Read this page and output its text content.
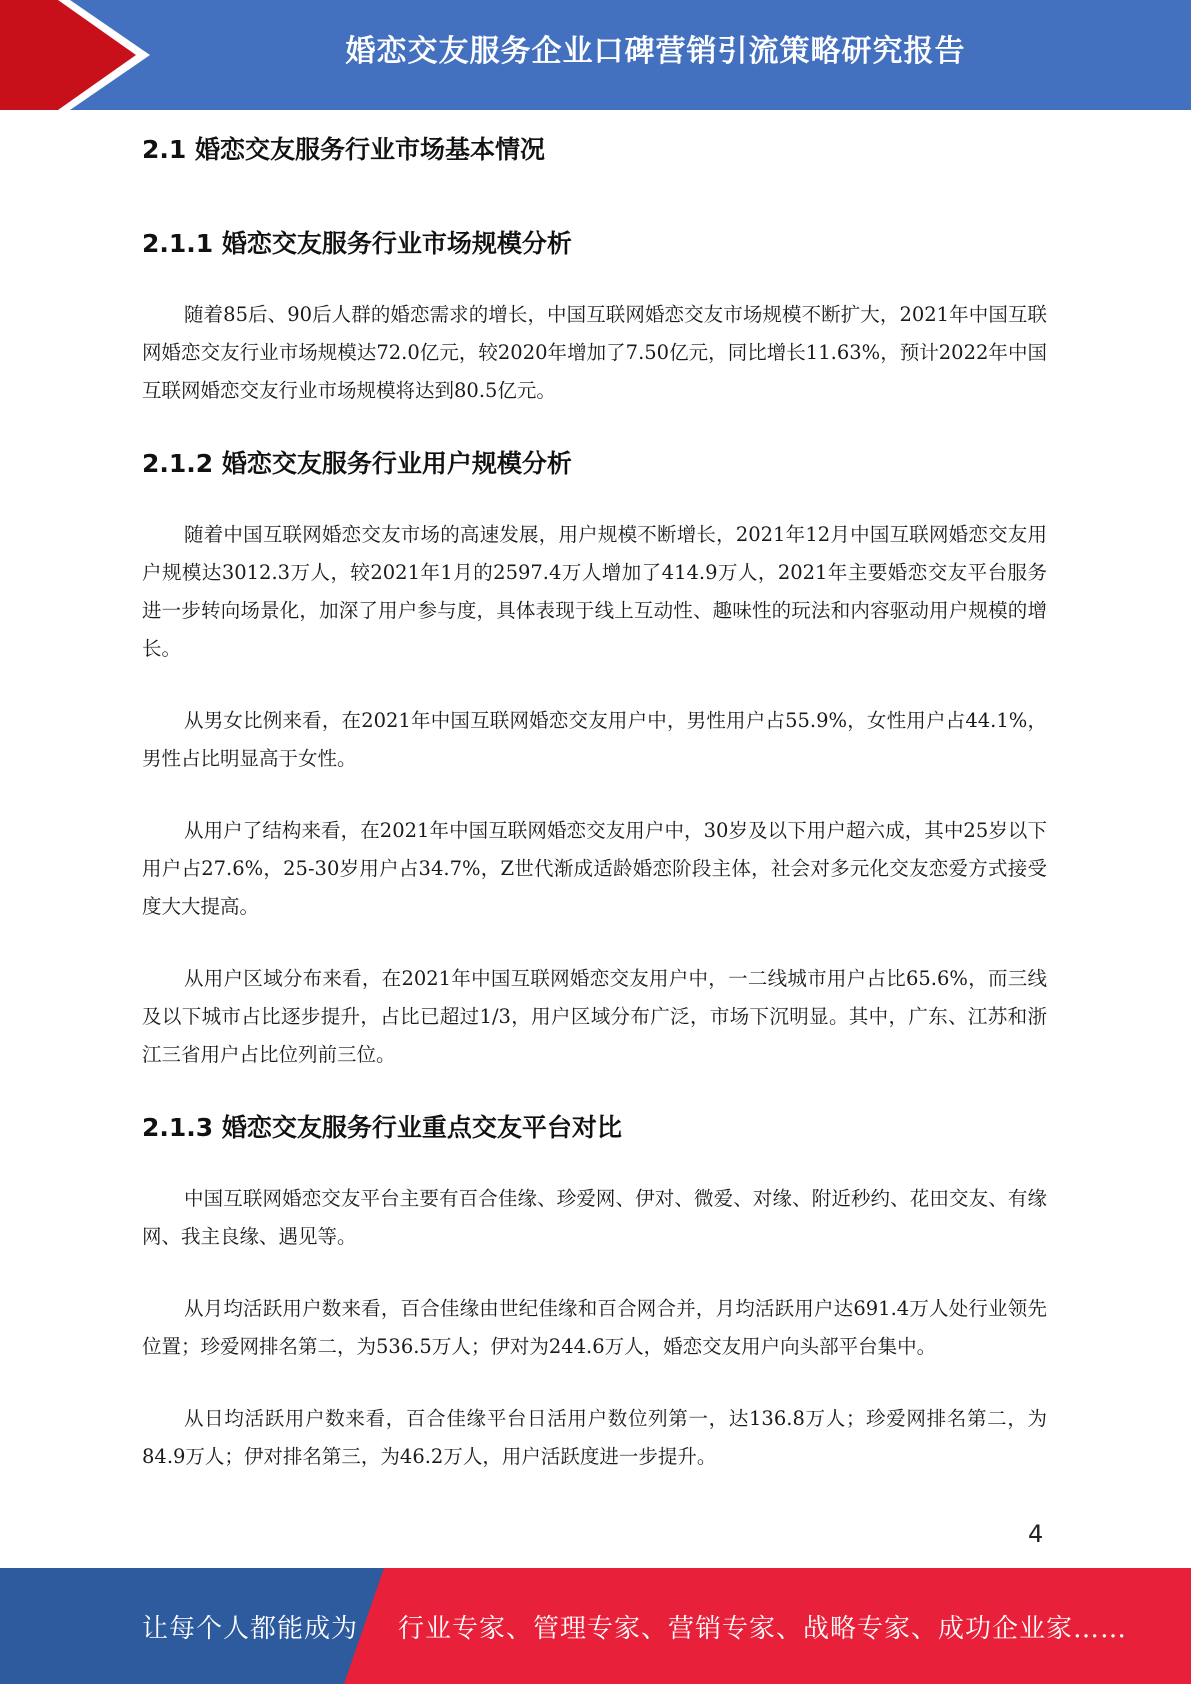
婚恋交友服务企业口碑营销引流策略研究报告
2.1 婚恋交友服务行业市场基本情况
2.1.1 婚恋交友服务行业市场规模分析

随着85后、90后人群的婚恋需求的增长，中国互联网婚恋交友市场规模不断扩大，2021年中国互联网婚恋交友行业市场规模达72.0亿元，较2020年增加了7.50亿元，同比增长11.63%，预计2022年中国互联网婚恋交友行业市场规模将达到80.5亿元。

2.1.2 婚恋交友服务行业用户规模分析

随着中国互联网婚恋交友市场的高速发展，用户规模不断增长，2021年12月中国互联网婚恋交友用户规模达3012.3万人，较2021年1月的2597.4万人增加了414.9万人，2021年主要婚恋交友平台服务进一步转向场景化，加深了用户参与度，具体表现于线上互动性、趣味性的玩法和内容驱动用户规模的增长。

从男女比例来看，在2021年中国互联网婚恋交友用户中，男性用户占55.9%，女性用户占44.1%，男性占比明显高于女性。

从用户了结构来看，在2021年中国互联网婚恋交友用户中，30岁及以下用户超六成，其中25岁以下用户占27.6%，25-30岁用户占34.7%，Z世代渐成适龄婚恋阶段主体，社会对多元化交友恋爱方式接受度大大提高。

从用户区域分布来看，在2021年中国互联网婚恋交友用户中，一二线城市用户占比65.6%，而三线及以下城市占比逐步提升，占比已超过1/3，用户区域分布广泛，市场下沉明显。其中，广东、江苏和浙江三省用户占比位列前三位。

2.1.3 婚恋交友服务行业重点交友平台对比

中国互联网婚恋交友平台主要有百合佳缘、珍爱网、伊对、微爱、对缘、附近秒约、花田交友、有缘网、我主良缘、遇见等。

从月均活跃用户数来看，百合佳缘由世纪佳缘和百合网合并，月均活跃用户达691.4万人处行业领先位置；珍爱网排名第二，为536.5万人；伊对为244.6万人，婚恋交友用户向头部平台集中。

从日均活跃用户数来看，百合佳缘平台日活用户数位列第一，达136.8万人；珍爱网排名第二，为84.9万人；伊对排名第三，为46.2万人，用户活跃度进一步提升。

4
让每个人都能成为 行业专家、管理专家、营销专家、战略专家、成功企业家……
